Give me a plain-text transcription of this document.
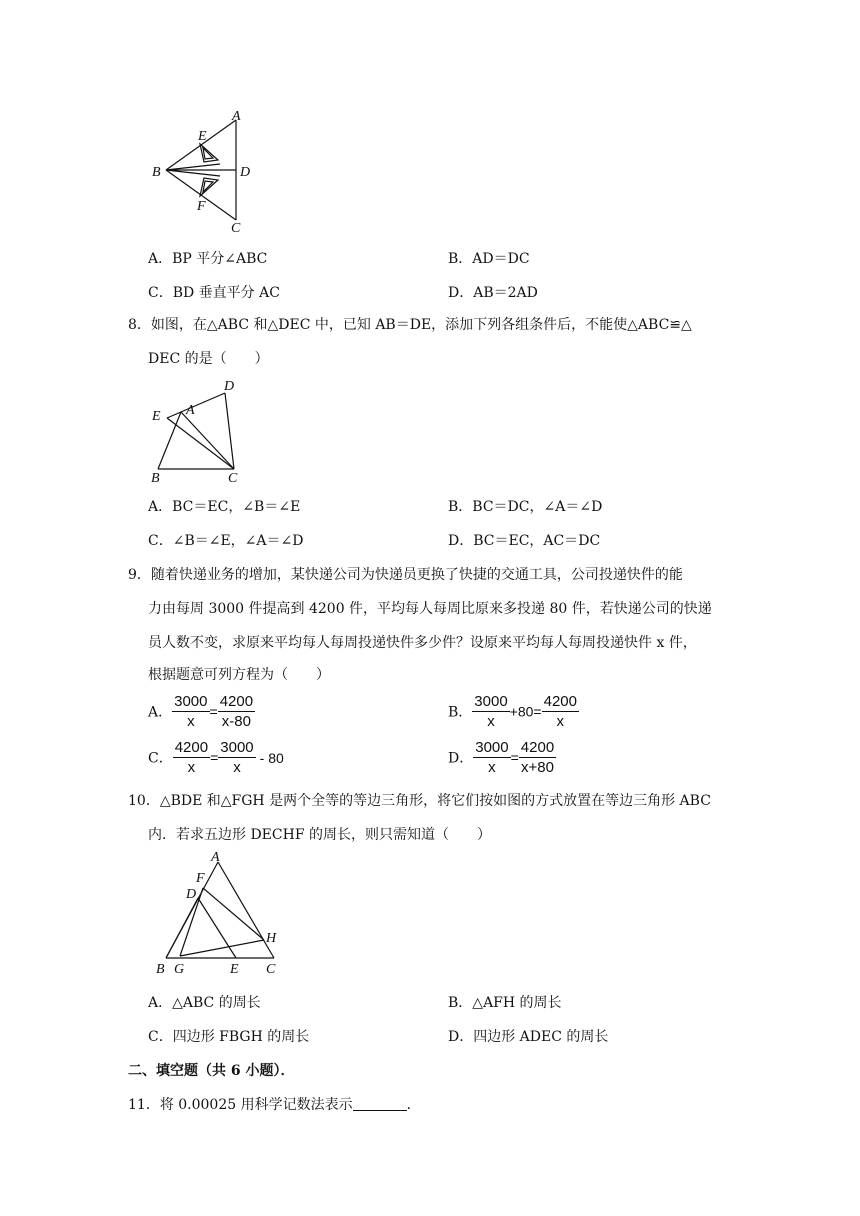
A
E
B	D
F
C
A．BP 平分∠ABC	B．AD＝DC
C．BD 垂直平分 AC	D．AB＝2AD
8．如图，在△ABC 和△DEC 中，已知 AB＝DE，添加下列各组条件后，不能使△ABC≌△
DEC 的是（　　）
D
E A
B	C
A．BC＝EC，∠B＝∠E	B．BC＝DC，∠A＝∠D
C．∠B＝∠E，∠A＝∠D	D．BC＝EC，AC＝DC
9．随着快递业务的增加，某快递公司为快递员更换了快捷的交通工具，公司投递快件的能
力由每周 3000 件提高到 4200 件，平均每人每周比原来多投递 80 件，若快递公司的快递
员人数不变，求原来平均每人每周投递快件多少件？设原来平均每人每周投递快件 x 件，
根据题意可列方程为（　　）
A． $\frac{3000}{x} = \frac{4200}{x-80}$	B． $\frac{3000}{x} +80= \frac{4200}{x}$
C． $\frac{4200}{x} = \frac{3000}{x} - 80$	D． $\frac{3000}{x} = \frac{4200}{x+80}$
10．△BDE 和△FGH 是两个全等的等边三角形，将它们按如图的方式放置在等边三角形 ABC
内．若求五边形 DECHF 的周长，则只需知道（　　）
A
F
D
H
B G	E C
A．△ABC 的周长	B．△AFH 的周长
C．四边形 FBGH 的周长	D．四边形 ADEC 的周长
二、填空题（共 6 小题）．
11．将 0.00025 用科学记数法表示	．
